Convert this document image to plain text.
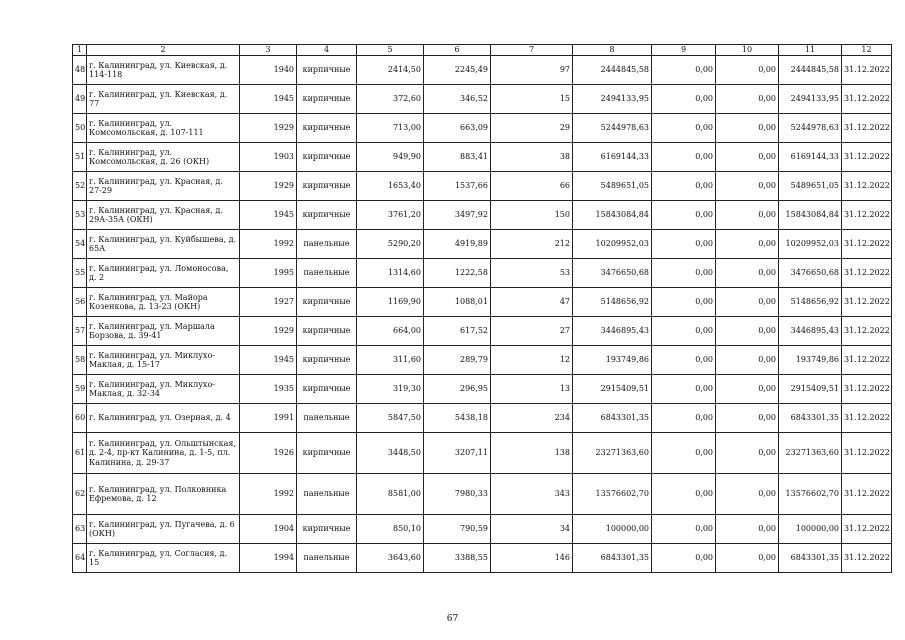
1	2	3	4	5	6	7	8	9	10	11	12
48	г. Калининград, ул. Киевская, д. 114-118	1940	кирпичные	2414,50	2245,49	97	2444845,58	0,00	0,00	2444845,58	31.12.2022
49	г. Калининград, ул. Киевская, д. 77	1945	кирпичные	372,60	346,52	15	2494133,95	0,00	0,00	2494133,95	31.12.2022
50	г. Калининград, ул. Комсомольская, д. 107-111	1929	кирпичные	713,00	663,09	29	5244978,63	0,00	0,00	5244978,63	31.12.2022
51	г. Калининград, ул. Комсомольская, д. 26 (ОКН)	1903	кирпичные	949,90	883,41	38	6169144,33	0,00	0,00	6169144,33	31.12.2022
52	г. Калининград, ул. Красная, д. 27-29	1929	кирпичные	1653,40	1537,66	66	5489651,05	0,00	0,00	5489651,05	31.12.2022
53	г. Калининград, ул. Красная, д. 29А-35А (ОКН)	1945	кирпичные	3761,20	3497,92	150	15843084,84	0,00	0,00	15843084,84	31.12.2022
54	г. Калининград, ул. Куйбышева, д. 65А	1992	панельные	5290,20	4919,89	212	10209952,03	0,00	0,00	10209952,03	31.12.2022
55	г. Калининград, ул. Ломоносова, д. 2	1995	панельные	1314,60	1222,58	53	3476650,68	0,00	0,00	3476650,68	31.12.2022
56	г. Калининград, ул. Майора Козенкова, д. 13-23 (ОКН)	1927	кирпичные	1169,90	1088,01	47	5148656,92	0,00	0,00	5148656,92	31.12.2022
57	г. Калининград, ул. Маршала Борзова, д. 39-41	1929	кирпичные	664,00	617,52	27	3446895,43	0,00	0,00	3446895,43	31.12.2022
58	г. Калининград, ул. Миклухо-Маклая, д. 15-17	1945	кирпичные	311,60	289,79	12	193749,86	0,00	0,00	193749,86	31.12.2022
59	г. Калининград, ул. Миклухо-Маклая, д. 32-34	1935	кирпичные	319,30	296,95	13	2915409,51	0,00	0,00	2915409,51	31.12.2022
60	г. Калининград, ул. Озерная, д. 4	1991	панельные	5847,50	5438,18	234	6843301,35	0,00	0,00	6843301,35	31.12.2022
61	г. Калининград, ул. Ольштынская, д. 2-4, пр-кт Калинина, д. 1-5, пл. Калинина, д. 29-37	1926	кирпичные	3448,50	3207,11	138	23271363,60	0,00	0,00	23271363,60	31.12.2022
62	г. Калининград, ул. Полковника Ефремова, д. 12	1992	панельные	8581,00	7980,33	343	13576602,70	0,00	0,00	13576602,70	31.12.2022
63	г. Калининград, ул. Пугачева, д. 6 (ОКН)	1904	кирпичные	850,10	790,59	34	100000,00	0,00	0,00	100000,00	31.12.2022
64	г. Калининград, ул. Согласия, д. 15	1994	панельные	3643,60	3388,55	146	6843301,35	0,00	0,00	6843301,35	31.12.2022
67
